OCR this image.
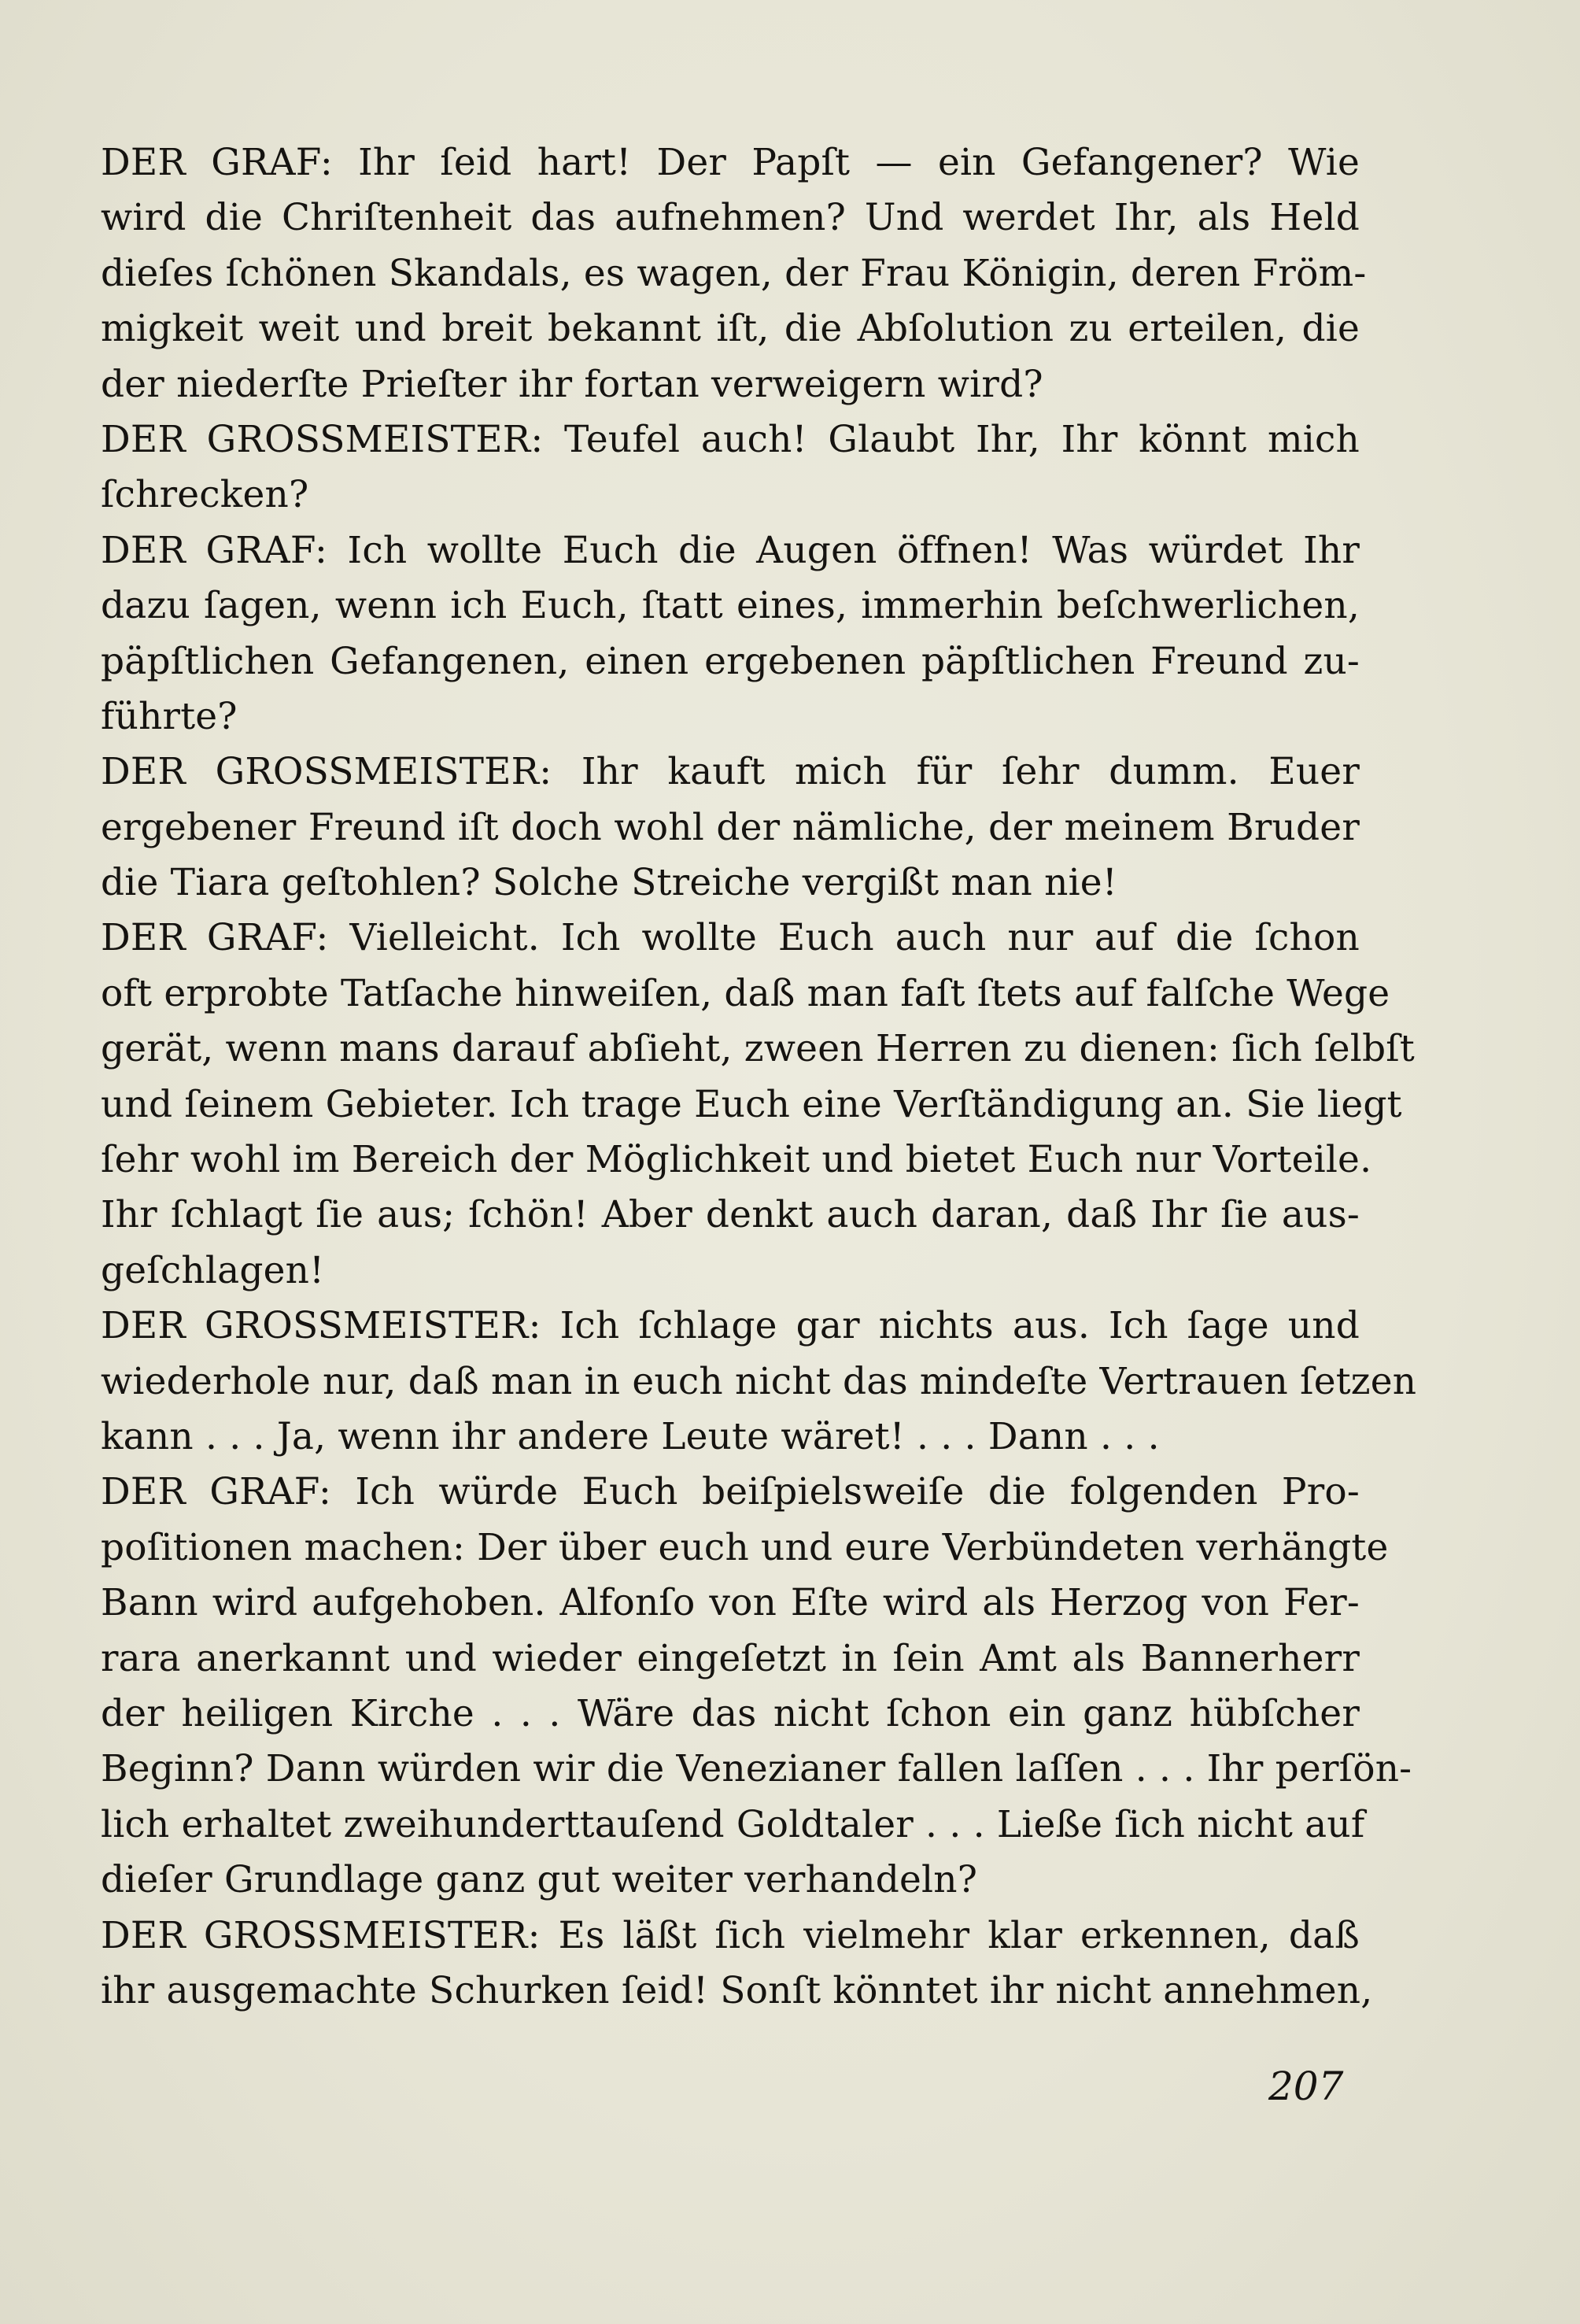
DER GRAF: Ihr ſeid hart! Der Papſt — ein Gefangener? Wie
wird die Chriſtenheit das aufnehmen? Und werdet Ihr, als Held
dieſes ſchönen Skandals, es wagen, der Frau Königin, deren Fröm-
migkeit weit und breit bekannt iſt, die Abſolution zu erteilen, die
der niederſte Prieſter ihr fortan verweigern wird?
DER GROSSMEISTER: Teufel auch! Glaubt Ihr, Ihr könnt mich
ſchrecken?
DER GRAF: Ich wollte Euch die Augen öffnen! Was würdet Ihr
dazu ſagen, wenn ich Euch, ſtatt eines, immerhin beſchwerlichen,
päpſtlichen Gefangenen, einen ergebenen päpſtlichen Freund zu-
führte?
DER GROSSMEISTER: Ihr kauft mich für ſehr dumm. Euer
ergebener Freund iſt doch wohl der nämliche, der meinem Bruder
die Tiara geſtohlen? Solche Streiche vergißt man nie!
DER GRAF: Vielleicht. Ich wollte Euch auch nur auf die ſchon
oft erprobte Tatſache hinweiſen, daß man faſt ſtets auf falſche Wege
gerät, wenn mans darauf abſieht, zween Herren zu dienen: ſich ſelbſt
und ſeinem Gebieter. Ich trage Euch eine Verſtändigung an. Sie liegt
ſehr wohl im Bereich der Möglichkeit und bietet Euch nur Vorteile.
Ihr ſchlagt ſie aus; ſchön! Aber denkt auch daran, daß Ihr ſie aus-
geſchlagen!
DER GROSSMEISTER: Ich ſchlage gar nichts aus. Ich ſage und
wiederhole nur, daß man in euch nicht das mindeſte Vertrauen ſetzen
kann . . . Ja, wenn ihr andere Leute wäret! . . . Dann . . .
DER GRAF: Ich würde Euch beiſpielsweiſe die folgenden Pro-
poſitionen machen: Der über euch und eure Verbündeten verhängte
Bann wird aufgehoben. Alfonſo von Eſte wird als Herzog von Fer-
rara anerkannt und wieder eingeſetzt in ſein Amt als Bannerherr
der heiligen Kirche . . . Wäre das nicht ſchon ein ganz hübſcher
Beginn? Dann würden wir die Venezianer fallen laſſen . . . Ihr perſön-
lich erhaltet zweihunderttauſend Goldtaler . . . Ließe ſich nicht auf
dieſer Grundlage ganz gut weiter verhandeln?
DER GROSSMEISTER: Es läßt ſich vielmehr klar erkennen, daß
ihr ausgemachte Schurken ſeid! Sonſt könntet ihr nicht annehmen,
207
